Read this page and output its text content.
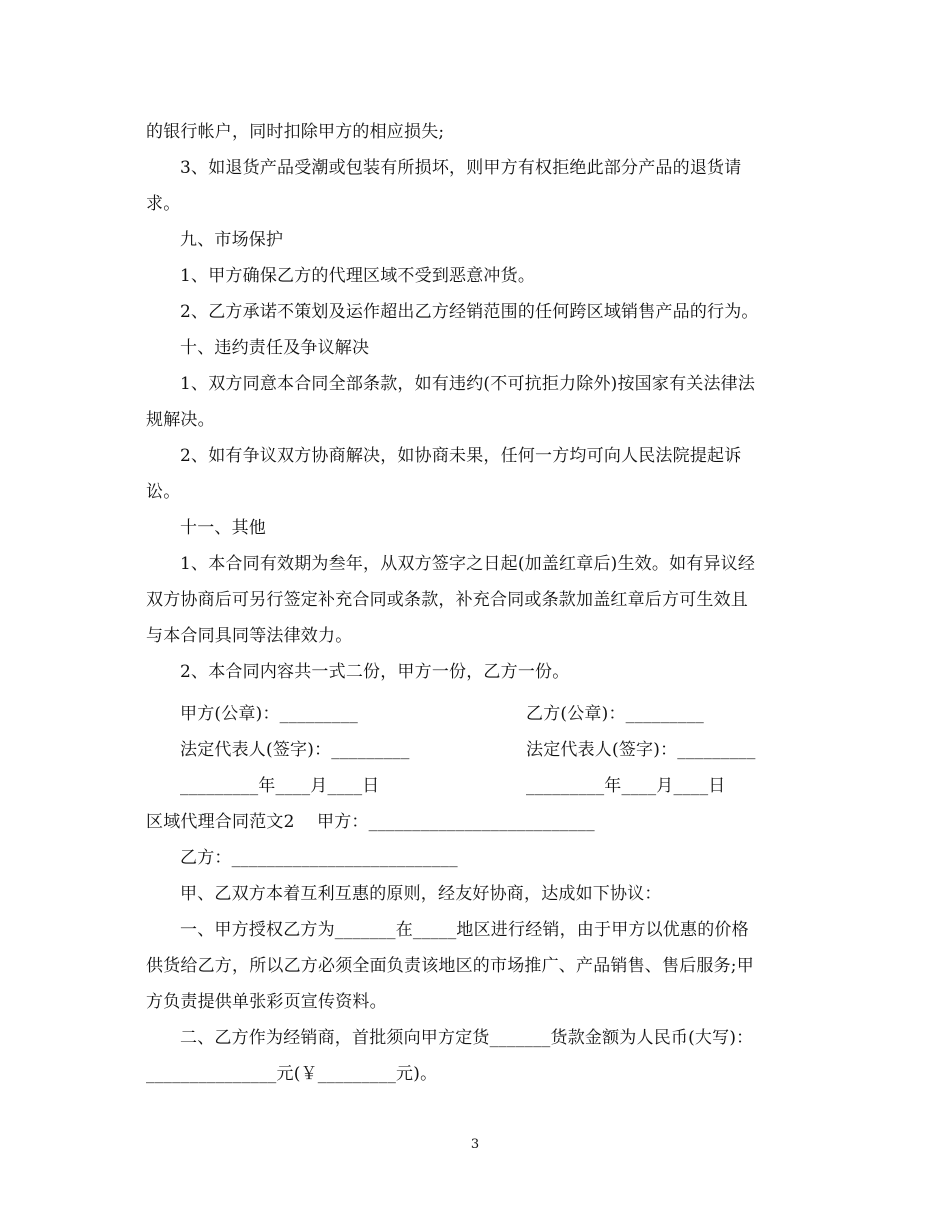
的银行帐户，同时扣除甲方的相应损失;
3、如退货产品受潮或包装有所损坏，则甲方有权拒绝此部分产品的退货请
求。
九、市场保护
1、甲方确保乙方的代理区域不受到恶意冲货。
2、乙方承诺不策划及运作超出乙方经销范围的任何跨区域销售产品的行为。
十、违约责任及争议解决
1、双方同意本合同全部条款，如有违约(不可抗拒力除外)按国家有关法律法
规解决。
2、如有争议双方协商解决，如协商未果，任何一方均可向人民法院提起诉
讼。
十一、其他
1、本合同有效期为叁年，从双方签字之日起(加盖红章后)生效。如有异议经
双方协商后可另行签定补充合同或条款，补充合同或条款加盖红章后方可生效且
与本合同具同等法律效力。
2、本合同内容共一式二份，甲方一份，乙方一份。
甲方(公章)：_________	乙方(公章)：_________
法定代表人(签字)：_________	法定代表人(签字)：_________
_________年____月____日	_________年____月____日
区域代理合同范文2    甲方：__________________________
乙方：__________________________
甲、乙双方本着互利互惠的原则，经友好协商，达成如下协议：
一、甲方授权乙方为_______在_____地区进行经销，由于甲方以优惠的价格
供货给乙方，所以乙方必须全面负责该地区的市场推广、产品销售、售后服务;甲
方负责提供单张彩页宣传资料。
二、乙方作为经销商，首批须向甲方定货_______货款金额为人民币(大写)：
_______________元(￥_________元)。
3
